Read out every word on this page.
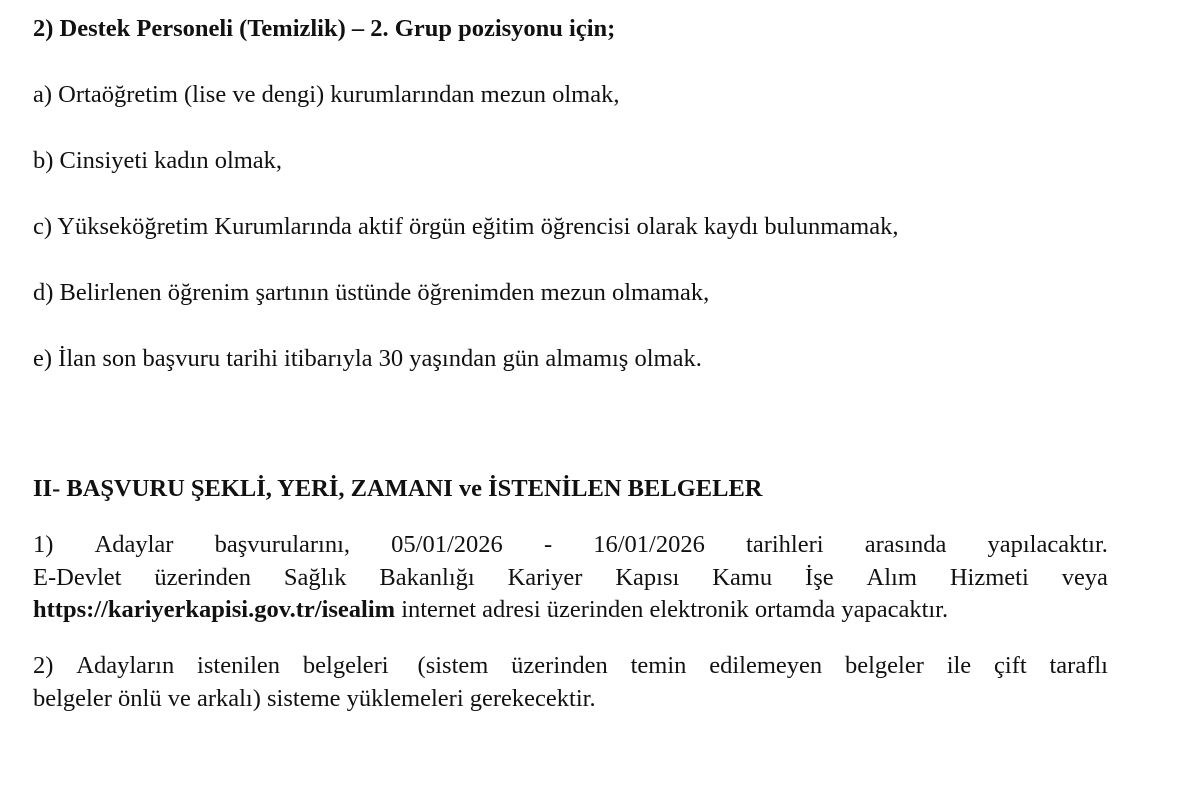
2) Destek Personeli (Temizlik) – 2. Grup pozisyonu için;
a) Ortaöğretim (lise ve dengi) kurumlarından mezun olmak,
b) Cinsiyeti kadın olmak,
c) Yükseköğretim Kurumlarında aktif örgün eğitim öğrencisi olarak kaydı bulunmamak,
d) Belirlenen öğrenim şartının üstünde öğrenimden mezun olmamak,
e) İlan son başvuru tarihi itibarıyla 30 yaşından gün almamış olmak.
II- BAŞVURU ŞEKLİ, YERİ, ZAMANI ve İSTENİLEN BELGELER
1) Adaylar başvurularını, 05/01/2026 - 16/01/2026 tarihleri arasında yapılacaktır.
E-Devlet üzerinden Sağlık Bakanlığı Kariyer Kapısı Kamu İşe Alım Hizmeti veya
https://kariyerkapisi.gov.tr/isealim internet adresi üzerinden elektronik ortamda yapacaktır.
2) Adayların istenilen belgeleri (sistem üzerinden temin edilemeyen belgeler ile çift taraflı
belgeler önlü ve arkalı) sisteme yüklemeleri gerekecektir.
